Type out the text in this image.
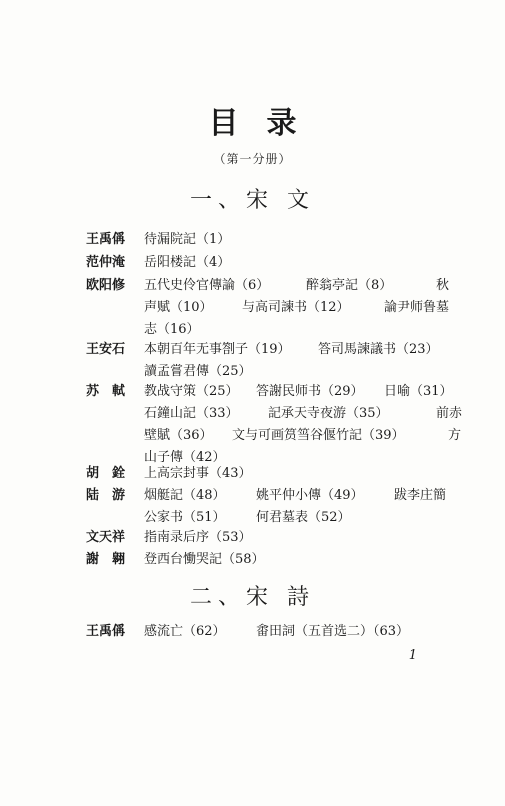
目录
（第一分册）
一、宋 文
王禹偁	待漏院記（1）
范仲淹	岳阳楼記（4）
欧阳修	五代史伶官傳論（6）	醉翁亭記（8）	秋
声赋（10） 与高司諫书（12）	論尹师鲁墓
志（16）
王安石	本朝百年无事劄子（19） 答司馬諫議书（23）
讀孟嘗君傳（25）
苏　軾	教战守策（25） 答謝民师书（29） 日喻（31）
石鐘山記（33） 記承天寺夜游（35）	前赤
壁賦（36） 文与可画筼筜谷偃竹記（39）	方
山子傳（42）
胡　銓	上高宗封事（43）
陆　游	烟艇記（48） 姚平仲小傳（49） 跋李庄簡
公家书（51） 何君墓表（52）
文天祥	指南录后序（53）
謝　翱	登西台慟哭記（58）
二、宋 詩
王禹偁	感流亡（62） 畬田詞（五首选二）（63）
1
